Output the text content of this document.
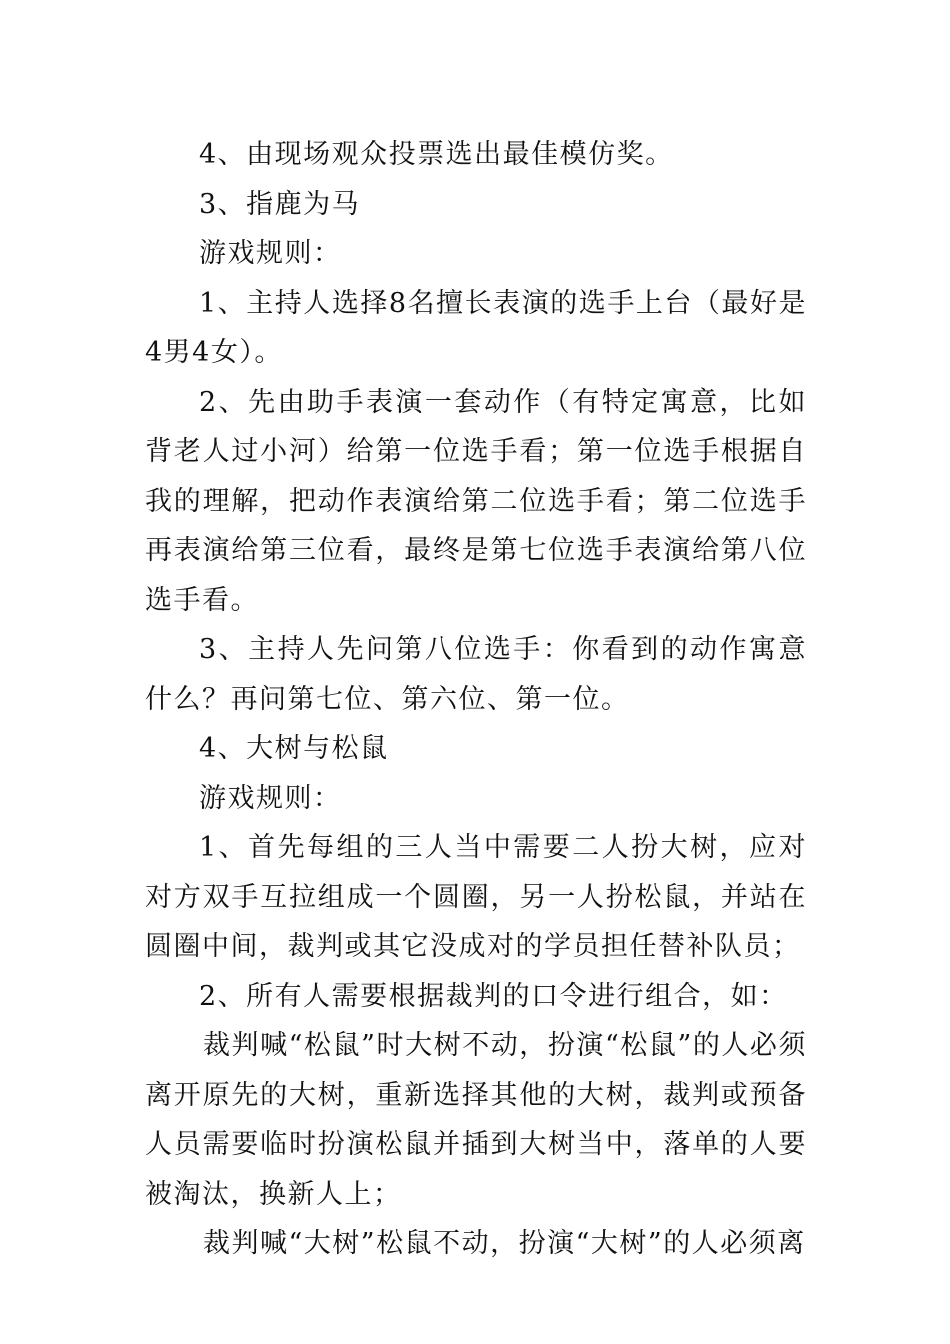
4、由现场观众投票选出最佳模仿奖。

3、指鹿为马

游戏规则：

1、主持人选择8名擅长表演的选手上台（最好是4男4女）。

2、先由助手表演一套动作（有特定寓意，比如背老人过小河）给第一位选手看；第一位选手根据自我的理解，把动作表演给第二位选手看；第二位选手再表演给第三位看，最终是第七位选手表演给第八位选手看。

3、主持人先问第八位选手：你看到的动作寓意什么？再问第七位、第六位、第一位。

4、大树与松鼠

游戏规则：

1、首先每组的三人当中需要二人扮大树，应对对方双手互拉组成一个圆圈，另一人扮松鼠，并站在圆圈中间，裁判或其它没成对的学员担任替补队员；

2、所有人需要根据裁判的口令进行组合，如：

裁判喊“松鼠”时大树不动，扮演“松鼠”的人必须离开原先的大树，重新选择其他的大树，裁判或预备人员需要临时扮演松鼠并插到大树当中，落单的人要被淘汰，换新人上；

裁判喊“大树”松鼠不动，扮演“大树”的人必须离
